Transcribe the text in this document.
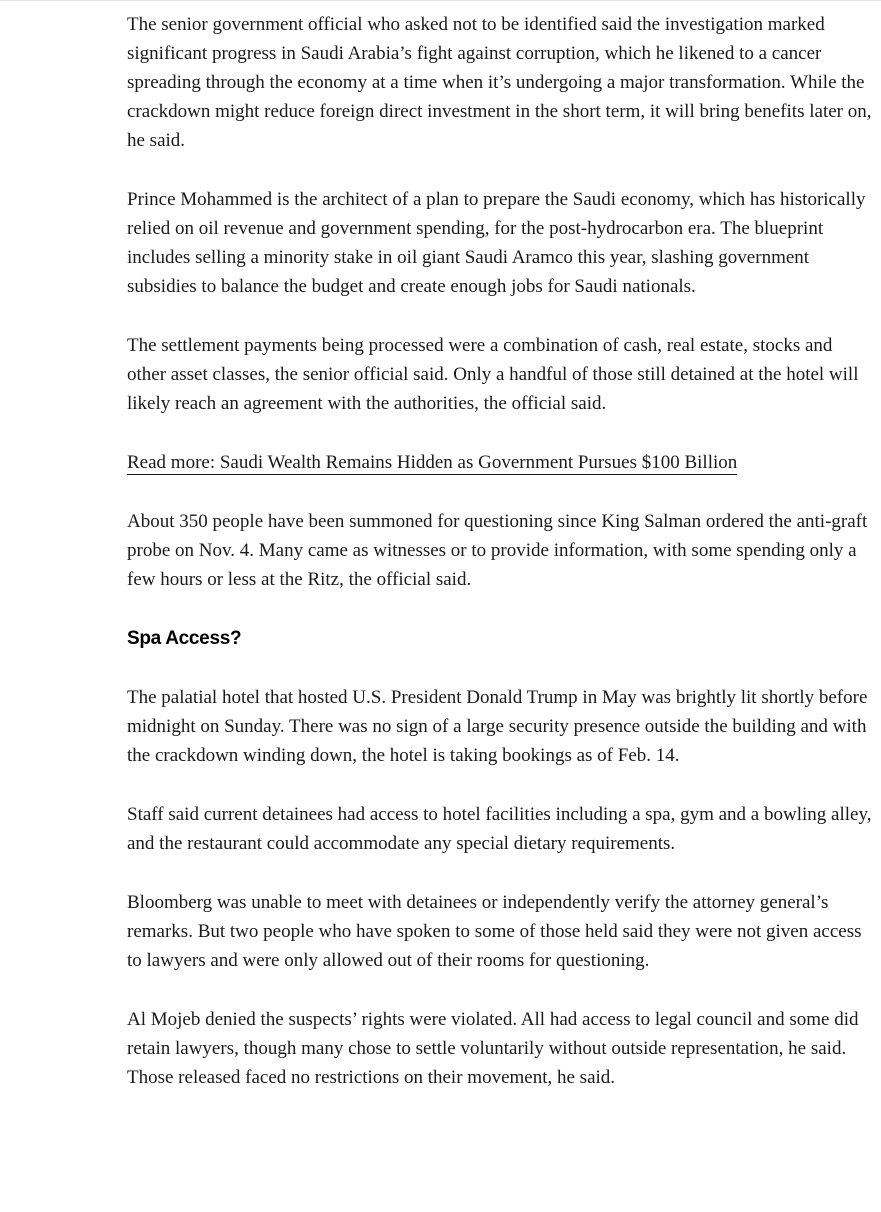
The senior government official who asked not to be identified said the investigation marked significant progress in Saudi Arabia’s fight against corruption, which he likened to a cancer spreading through the economy at a time when it’s undergoing a major transformation. While the crackdown might reduce foreign direct investment in the short term, it will bring benefits later on, he said.

Prince Mohammed is the architect of a plan to prepare the Saudi economy, which has historically relied on oil revenue and government spending, for the post-hydrocarbon era. The blueprint includes selling a minority stake in oil giant Saudi Aramco this year, slashing government subsidies to balance the budget and create enough jobs for Saudi nationals.

The settlement payments being processed were a combination of cash, real estate, stocks and other asset classes, the senior official said. Only a handful of those still detained at the hotel will likely reach an agreement with the authorities, the official said.

Read more: Saudi Wealth Remains Hidden as Government Pursues $100 Billion

About 350 people have been summoned for questioning since King Salman ordered the anti-graft probe on Nov. 4. Many came as witnesses or to provide information, with some spending only a few hours or less at the Ritz, the official said.

Spa Access?

The palatial hotel that hosted U.S. President Donald Trump in May was brightly lit shortly before midnight on Sunday. There was no sign of a large security presence outside the building and with the crackdown winding down, the hotel is taking bookings as of Feb. 14.

Staff said current detainees had access to hotel facilities including a spa, gym and a bowling alley, and the restaurant could accommodate any special dietary requirements.

Bloomberg was unable to meet with detainees or independently verify the attorney general’s remarks. But two people who have spoken to some of those held said they were not given access to lawyers and were only allowed out of their rooms for questioning.

Al Mojeb denied the suspects’ rights were violated. All had access to legal council and some did retain lawyers, though many chose to settle voluntarily without outside representation, he said. Those released faced no restrictions on their movement, he said.
